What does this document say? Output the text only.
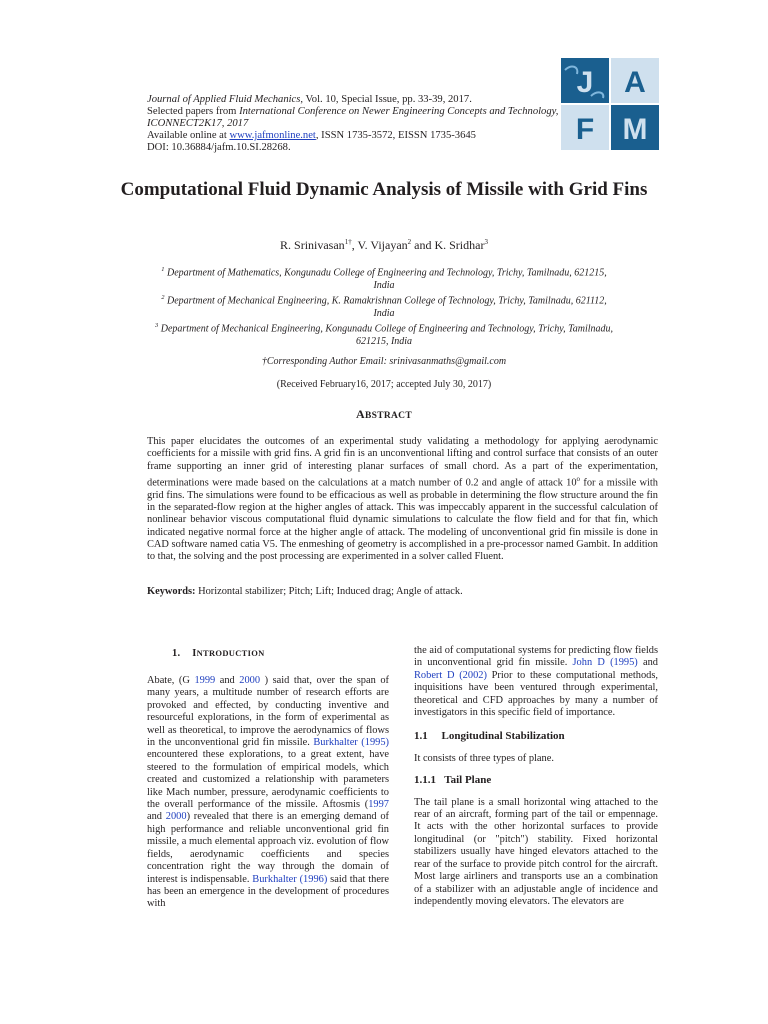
Journal of Applied Fluid Mechanics, Vol. 10, Special Issue, pp. 33-39, 2017.
Selected papers from International Conference on Newer Engineering Concepts and Technology, ICONNECT2K17, 2017
Available online at www.jafmonline.net, ISSN 1735-3572, EISSN 1735-3645
DOI: 10.36884/jafm.10.SI.28268.
J A
F M
Computational Fluid Dynamic Analysis of Missile with Grid Fins
R. Srinivasan$^{1\dagger}$, V. Vijayan$^2$ and K. Sridhar$^3$

$^1$ Department of Mathematics, Kongunadu College of Engineering and Technology, Trichy, Tamilnadu, 621215, India

$^2$ Department of Mechanical Engineering, K. Ramakrishnan College of Technology, Trichy, Tamilnadu, 621112, India

$^3$ Department of Mechanical Engineering, Kongunadu College of Engineering and Technology, Trichy, Tamilnadu, 621215, India

†Corresponding Author Email: srinivasanmaths@gmail.com
(Received February16, 2017; accepted July 30, 2017)
ABSTRACT
This paper elucidates the outcomes of an experimental study validating a methodology for applying aerodynamic coefficients for a missile with grid fins. A grid fin is an unconventional lifting and control surface that consists of an outer frame supporting an inner grid of interesting planar surfaces of small chord. As a part of the experimentation, determinations were made based on the calculations at a match number of 0.2 and angle of attack 10$^o$ for a missile with grid fins. The simulations were found to be efficacious as well as probable in determining the flow structure around the fin in the separated-flow region at the higher angles of attack. This was impeccably apparent in the successful calculation of nonlinear behavior viscous computational fluid dynamic simulations to calculate the flow field and for that fin, which indicated negative normal force at the higher angle of attack. The modeling of unconventional grid fin missile is done in CAD software named catia V5. The enmeshing of geometry is accomplished in a pre-processor named Gambit. In addition to that, the solving and the post processing are experimented in a solver called Fluent.
Keywords: Horizontal stabilizer; Pitch; Lift; Induced drag; Angle of attack.
1. INTRODUCTION

Abate, (G 1999 and 2000 ) said that, over the span of many years, a multitude number of research efforts are provoked and effected, by conducting inventive and resourceful explorations, in the form of experimental as well as theoretical, to improve the aerodynamics of flows in the unconventional grid fin missile. Burkhalter (1995) encountered these explorations, to a great extent, have steered to the formulation of empirical models, which created and customized a relationship with parameters like Mach number, pressure, aerodynamic coefficients to the overall performance of the missile. Aftosmis (1997 and 2000) revealed that there is an emerging demand of high performance and reliable unconventional grid fin missile, a much elemental approach viz. evolution of flow fields, aerodynamic coefficients and species concentration right the way through the domain of interest is indispensable. Burkhalter (1996) said that there has been an emergence in the development of procedures with

the aid of computational systems for predicting flow fields in unconventional grid fin missile. John D (1995) and Robert D (2002) Prior to these computational methods, inquisitions have been ventured through experimental, theoretical and CFD approaches by many a number of investigators in this specific field of importance.

1.1 Longitudinal Stabilization

It consists of three types of plane.

1.1.1 Tail Plane

The tail plane is a small horizontal wing attached to the rear of an aircraft, forming part of the tail or empennage. It acts with the other horizontal surfaces to provide longitudinal (or "pitch") stability. Fixed horizontal stabilizers usually have hinged elevators attached to the rear of the surface to provide pitch control for the aircraft. Most large airliners and transports use an a combination of a stabilizer with an adjustable angle of incidence and independently moving elevators. The elevators are
